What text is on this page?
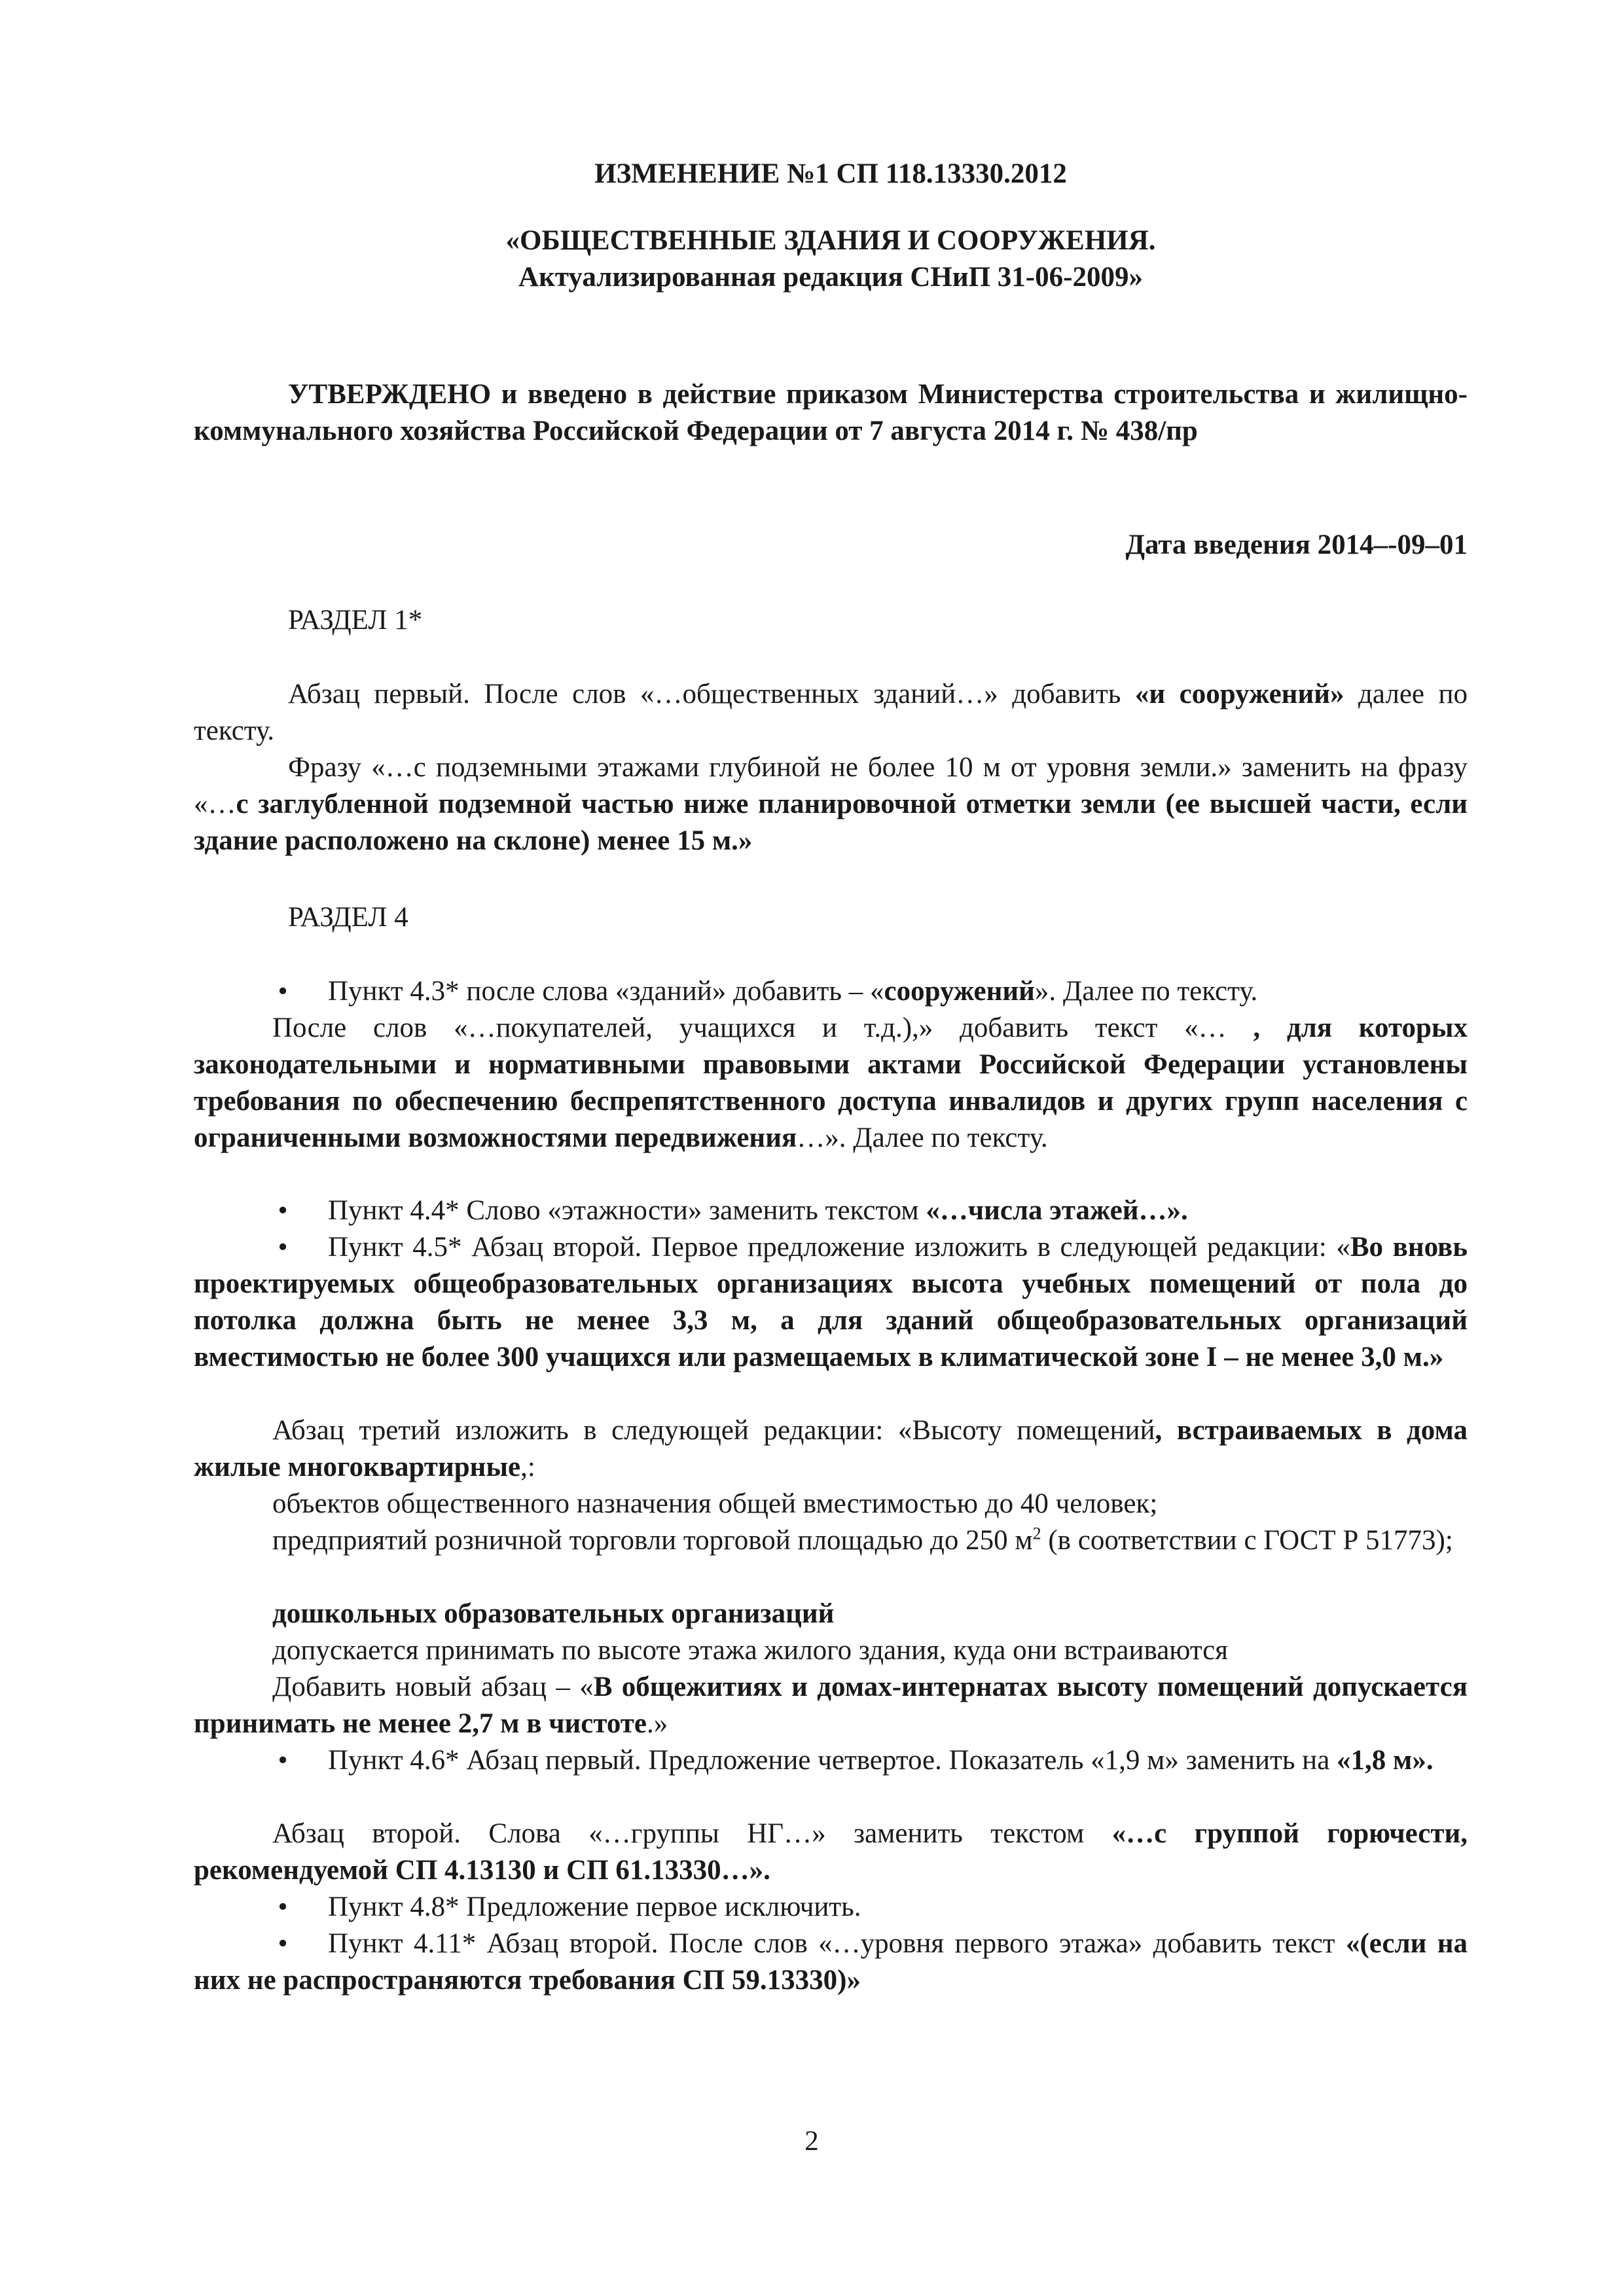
ИЗМЕНЕНИЕ №1 СП 118.13330.2012

«ОБЩЕСТВЕННЫЕ ЗДАНИЯ И СООРУЖЕНИЯ.

Актуализированная редакция СНиП 31-06-2009»

УТВЕРЖДЕНО и введено в действие приказом Министерства строительства и жилищно-коммунального хозяйства Российской Федерации от 7 августа 2014 г. № 438/пр

Дата введения 2014–-09–01

РАЗДЕЛ 1*

Абзац первый. После слов «…общественных зданий…» добавить «и сооружений» далее по тексту.

Фразу «…с подземными этажами глубиной не более 10 м от уровня земли.» заменить на фразу «…с заглубленной подземной частью ниже планировочной отметки земли (ее высшей части, если здание расположено на склоне) менее 15 м.»

РАЗДЕЛ 4

•	Пункт 4.3* после слова «зданий» добавить – «сооружений». Далее по тексту.

После слов «…покупателей, учащихся и т.д.),» добавить текст «… , для которых законодательными и нормативными правовыми актами Российской Федерации установлены требования по обеспечению беспрепятственного доступа инвалидов и других групп населения с ограниченными возможностями передвижения…». Далее по тексту.

•	Пункт 4.4* Слово «этажности» заменить текстом «…числа этажей…».
•	Пункт 4.5* Абзац второй. Первое предложение изложить в следующей редакции: «Во вновь проектируемых общеобразовательных организациях высота учебных помещений от пола до потолка должна быть не менее 3,3 м, а для зданий общеобразовательных организаций вместимостью не более 300 учащихся или размещаемых в климатической зоне I – не менее 3,0 м.»

Абзац третий изложить в следующей редакции: «Высоту помещений, встраиваемых в дома жилые многоквартирные,:

объектов общественного назначения общей вместимостью до 40 человек;

предприятий розничной торговли торговой площадью до 250 $м^2$ (в соответствии с ГОСТ Р 51773);

дошкольных образовательных организаций

допускается принимать по высоте этажа жилого здания, куда они встраиваются

Добавить новый абзац – «В общежитиях и домах-интернатах высоту помещений допускается принимать не менее 2,7 м в чистоте.»

•	Пункт 4.6* Абзац первый. Предложение четвертое. Показатель «1,9 м» заменить на «1,8 м».

Абзац второй. Слова «…группы НГ…» заменить текстом «…с группой горючести, рекомендуемой СП 4.13130 и СП 61.13330…».

•	Пункт 4.8* Предложение первое исключить.
•	Пункт 4.11* Абзац второй. После слов «…уровня первого этажа» добавить текст «(если на них не распространяются требования СП 59.13330)»
2
